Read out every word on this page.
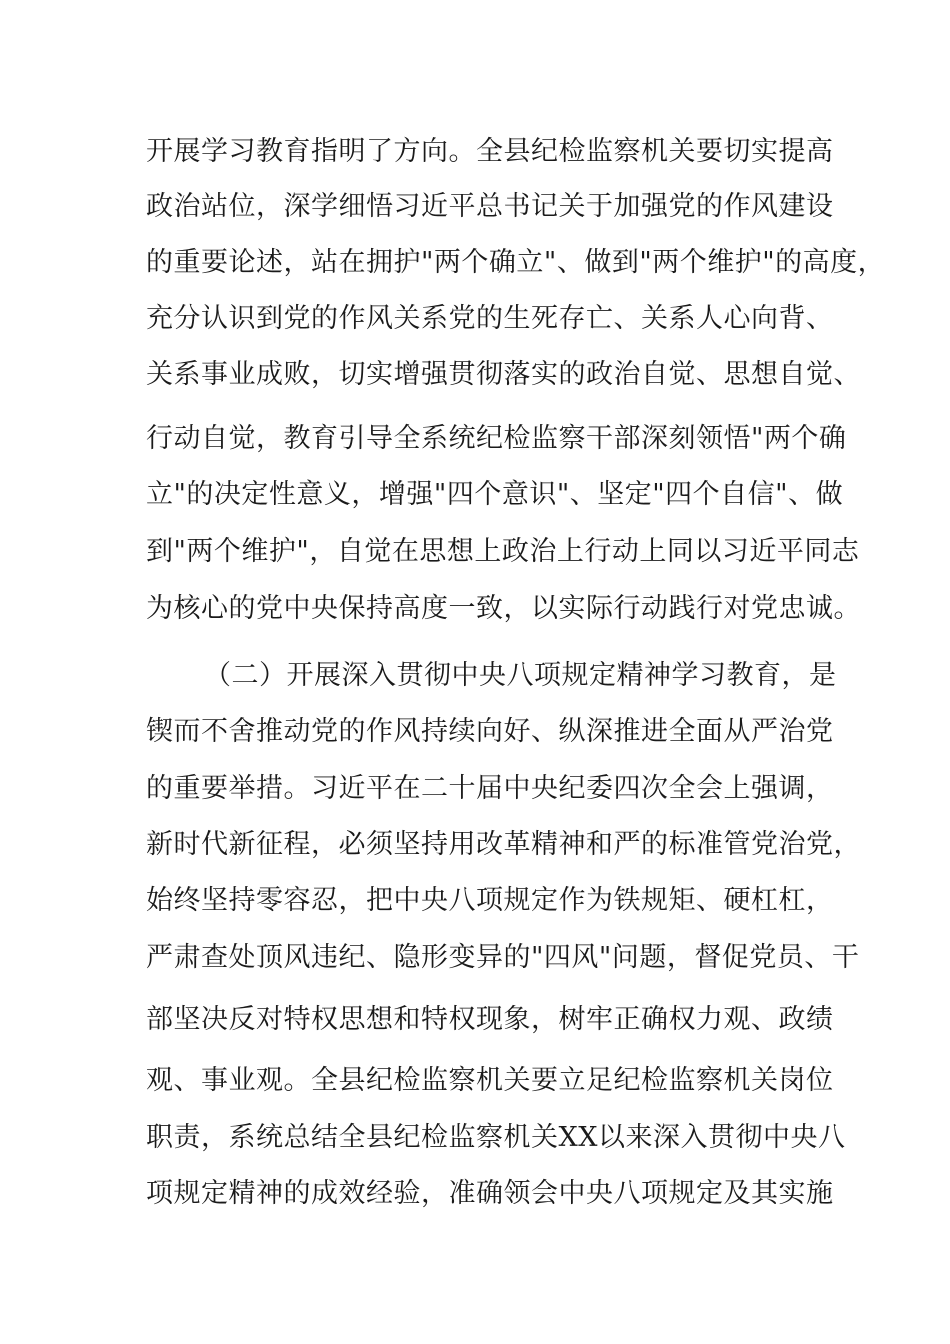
开展学习教育指明了方向。全县纪检监察机关要切实提高
政治站位，深学细悟习近平总书记关于加强党的作风建设
的重要论述，站在拥护"两个确立"、做到"两个维护"的高度，
充分认识到党的作风关系党的生死存亡、关系人心向背、
关系事业成败，切实增强贯彻落实的政治自觉、思想自觉、
行动自觉，教育引导全系统纪检监察干部深刻领悟"两个确
立"的决定性意义，增强"四个意识"、坚定"四个自信"、做
到"两个维护"，自觉在思想上政治上行动上同以习近平同志
为核心的党中央保持高度一致，以实际行动践行对党忠诚。
（二）开展深入贯彻中央八项规定精神学习教育，是
锲而不舍推动党的作风持续向好、纵深推进全面从严治党
的重要举措。习近平在二十届中央纪委四次全会上强调，
新时代新征程，必须坚持用改革精神和严的标准管党治党，
始终坚持零容忍，把中央八项规定作为铁规矩、硬杠杠，
严肃查处顶风违纪、隐形变异的"四风"问题，督促党员、干
部坚决反对特权思想和特权现象，树牢正确权力观、政绩
观、事业观。全县纪检监察机关要立足纪检监察机关岗位
职责，系统总结全县纪检监察机关XX以来深入贯彻中央八
项规定精神的成效经验，准确领会中央八项规定及其实施
